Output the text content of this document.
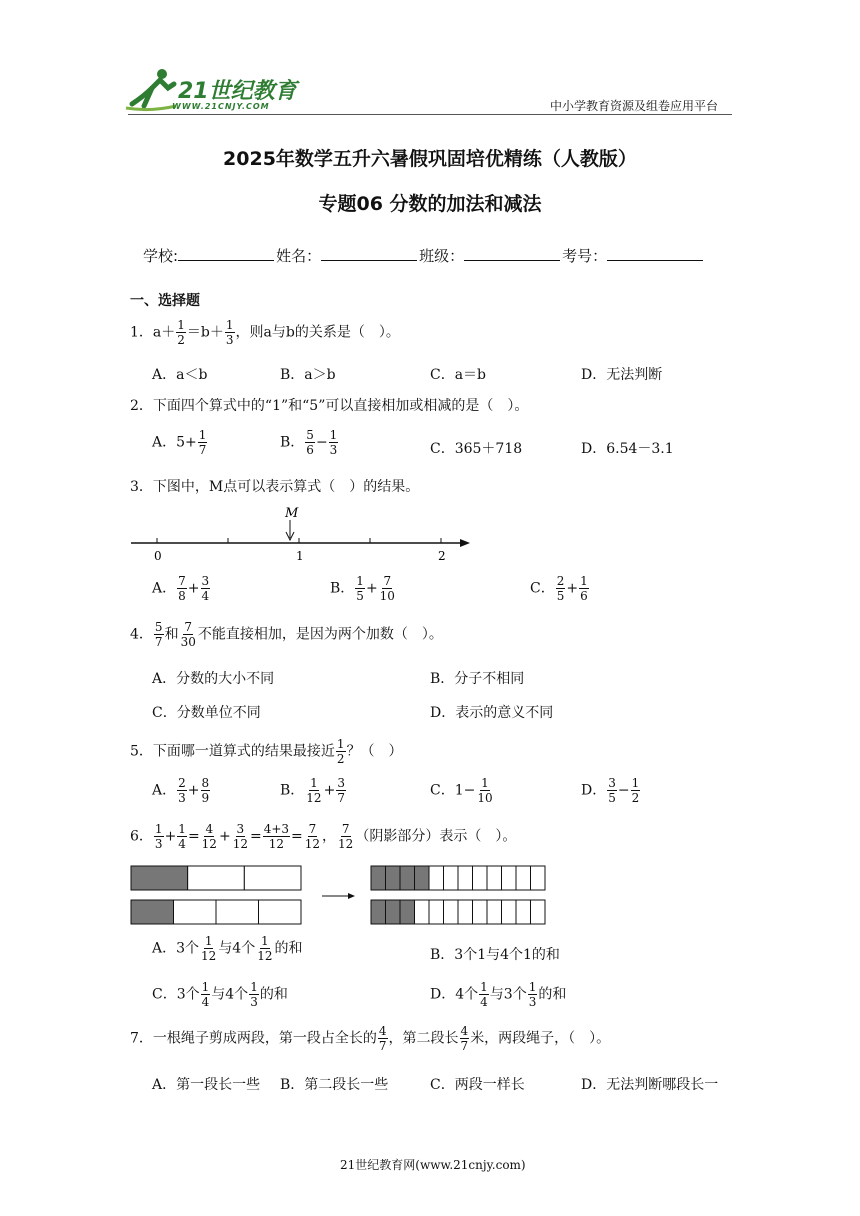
21世纪教育
WWW.21CNJY.COM	中小学教育资源及组卷应用平台
2025年数学五升六暑假巩固培优精练（人教版）
专题06 分数的加法和减法
学校:	姓名：	班级：	考号：
一、选择题
1．$a+ \frac{1}{2} =b+ \frac{1}{3}$ ，则a与b的关系是（　）。
A．a＜b	B．a＞b	C．a＝b	D．无法判断
2．下面四个算式中的“1”和“5”可以直接相加或相减的是（　）。
A．$5+ \frac{1}{7}$	B． $\frac{5}{6} - \frac{1}{3}$	C．365＋718	D．6.54－3.1
3．下图中，M点可以表示算式（　）的结果。
M
0	1	2
A． $\frac{7}{8} + \frac{3}{4}$	B． $\frac{1}{5} + \frac{7}{10}$	C． $\frac{2}{5} + \frac{1}{6}$
4． $\frac{5}{7}$ 和 $\frac{7}{30}$ 不能直接相加，是因为两个加数（　）。
A．分数的大小不同	B．分子不相同
C．分数单位不同	D．表示的意义不同
5．下面哪一道算式的结果最接近 $\frac{1}{2}$ ？（　）
A． $\frac{2}{3} + \frac{8}{9}$	B． $\frac{1}{12} + \frac{3}{7}$	C．$1- \frac{1}{10}$	D． $\frac{3}{5} - \frac{1}{2}$
6． $\frac{1}{3} + \frac{1}{4} = \frac{4}{12} + \frac{3}{12} = \frac{4+3}{12} = \frac{7}{12}$ ， $\frac{7}{12}$ （阴影部分）表示（　）。
A．3个 $\frac{1}{12}$ 与4个 $\frac{1}{12}$ 的和	B．3个1与4个1的和
C．3个 $\frac{1}{4}$ 与4个 $\frac{1}{3}$ 的和	D．4个 $\frac{1}{4}$ 与3个 $\frac{1}{3}$ 的和
7．一根绳子剪成两段，第一段占全长的 $\frac{4}{7}$ ，第二段长 $\frac{4}{7}$ 米，两段绳子，（　）。
A．第一段长一些 B．第二段长一些	C．两段一样长	D．无法判断哪段长一
21世纪教育网(www.21cnjy.com)
